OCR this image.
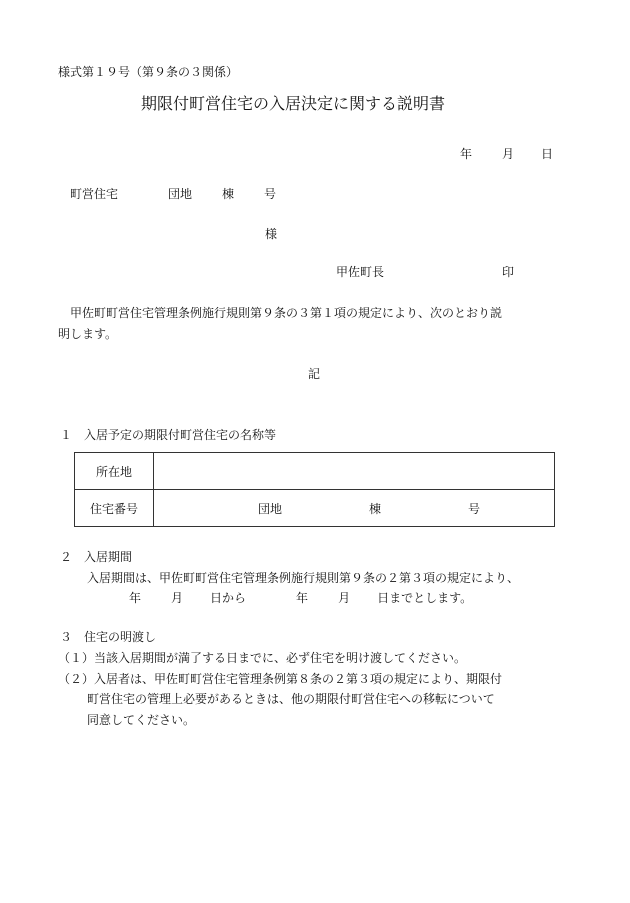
様式第１９号（第９条の３関係）
期限付町営住宅の入居決定に関する説明書
年	月 日
町営住宅	団地	棟	号
様
甲佐町長	印
甲佐町町営住宅管理条例施行規則第９条の３第１項の規定により、次のとおり説
明します。
記
１　入居予定の期限付町営住宅の名称等
所在地	
住宅番号	団地 棟 号
２　入居期間
入居期間は、甲佐町町営住宅管理条例施行規則第９条の２第３項の規定により、
年	月 日から	年	月 日までとします。
３　住宅の明渡し
（１）当該入居期間が満了する日までに、必ず住宅を明け渡してください。
（２）入居者は、甲佐町町営住宅管理条例第８条の２第３項の規定により、期限付
町営住宅の管理上必要があるときは、他の期限付町営住宅への移転について
同意してください。
